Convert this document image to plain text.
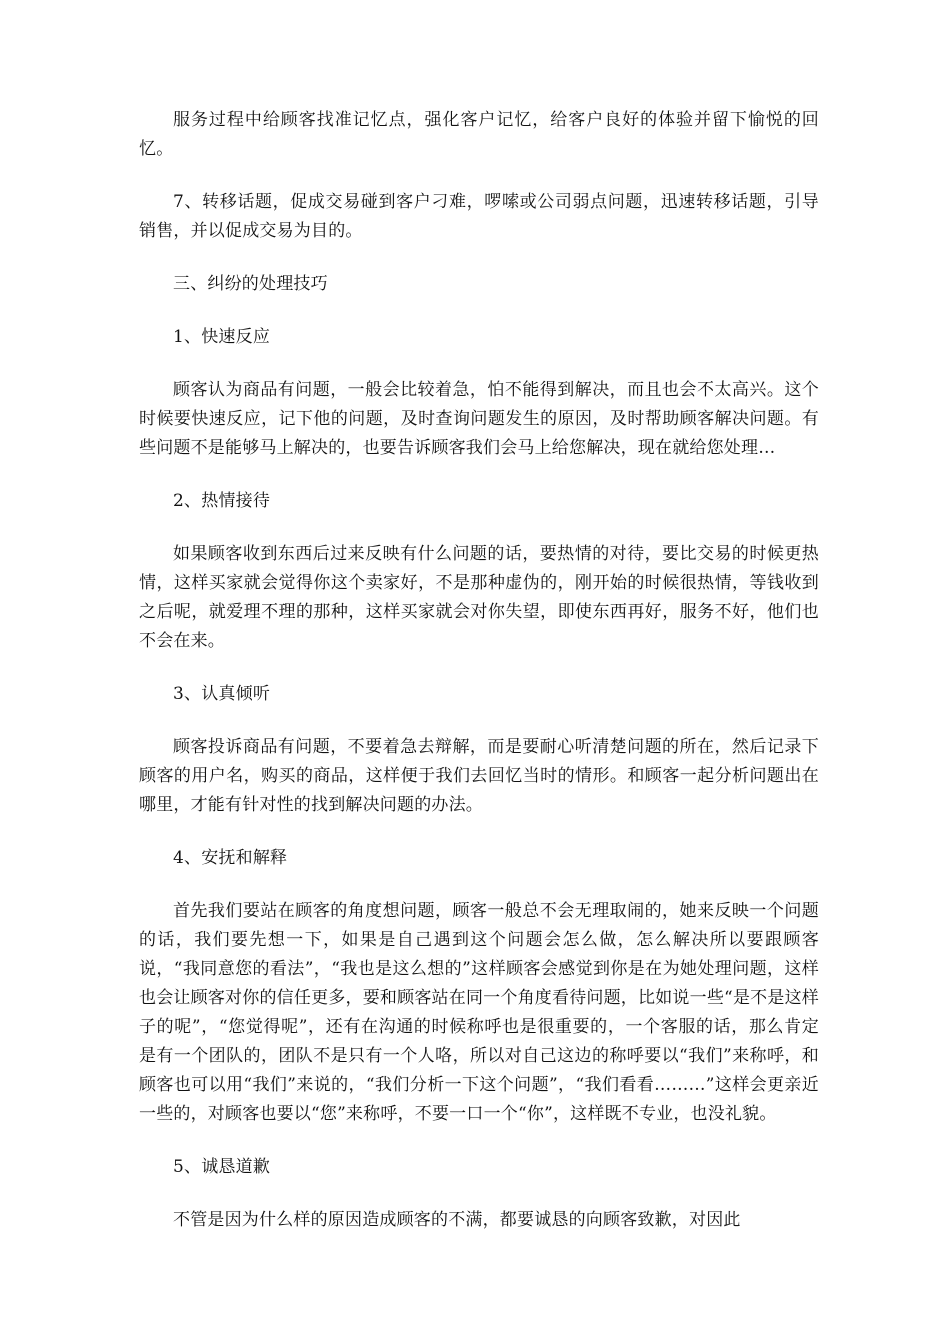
服务过程中给顾客找准记忆点，强化客户记忆，给客户良好的体验并留下愉悦的回忆。

7、转移话题，促成交易碰到客户刁难，啰嗦或公司弱点问题，迅速转移话题，引导销售，并以促成交易为目的。

三、纠纷的处理技巧

1、快速反应

顾客认为商品有问题，一般会比较着急，怕不能得到解决，而且也会不太高兴。这个时候要快速反应，记下他的问题，及时查询问题发生的原因，及时帮助顾客解决问题。有些问题不是能够马上解决的，也要告诉顾客我们会马上给您解决，现在就给您处理…

2、热情接待

如果顾客收到东西后过来反映有什么问题的话，要热情的对待，要比交易的时候更热情，这样买家就会觉得你这个卖家好，不是那种虚伪的，刚开始的时候很热情，等钱收到之后呢，就爱理不理的那种，这样买家就会对你失望，即使东西再好，服务不好，他们也不会在来。

3、认真倾听

顾客投诉商品有问题，不要着急去辩解，而是要耐心听清楚问题的所在，然后记录下顾客的用户名，购买的商品，这样便于我们去回忆当时的情形。和顾客一起分析问题出在哪里，才能有针对性的找到解决问题的办法。

4、安抚和解释

首先我们要站在顾客的角度想问题，顾客一般总不会无理取闹的，她来反映一个问题的话，我们要先想一下，如果是自己遇到这个问题会怎么做，怎么解决所以要跟顾客说，“我同意您的看法”，“我也是这么想的”这样顾客会感觉到你是在为她处理问题，这样也会让顾客对你的信任更多，要和顾客站在同一个角度看待问题，比如说一些“是不是这样子的呢”，“您觉得呢”，还有在沟通的时候称呼也是很重要的，一个客服的话，那么肯定是有一个团队的，团队不是只有一个人咯，所以对自己这边的称呼要以“我们”来称呼，和顾客也可以用“我们”来说的，“我们分析一下这个问题”，“我们看看………”这样会更亲近一些的，对顾客也要以“您”来称呼，不要一口一个“你”，这样既不专业，也没礼貌。

5、诚恳道歉

不管是因为什么样的原因造成顾客的不满，都要诚恳的向顾客致歉，对因此
